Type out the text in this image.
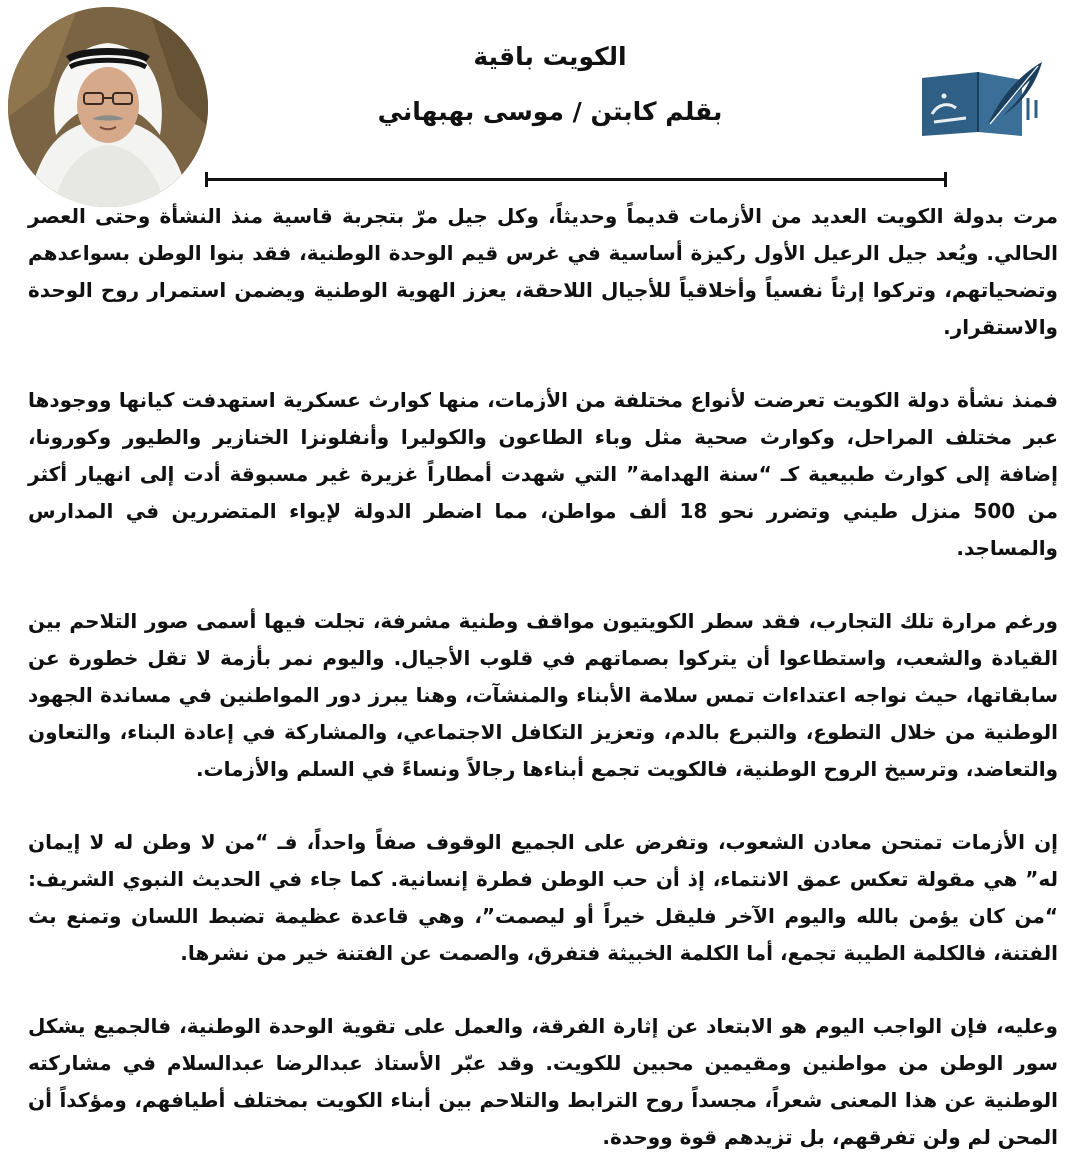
الكويت باقية
بقلم كابتن / موسى بهبهاني

مرت بدولة الكويت العديد من الأزمات قديماً وحديثاً، وكل جيل مرّ بتجربة قاسية منذ النشأة وحتى العصر الحالي. ويُعد جيل الرعيل الأول ركيزة أساسية في غرس قيم الوحدة الوطنية، فقد بنوا الوطن بسواعدهم وتضحياتهم، وتركوا إرثاً نفسياً وأخلاقياً للأجيال اللاحقة، يعزز الهوية الوطنية ويضمن استمرار روح الوحدة والاستقرار.

فمنذ نشأة دولة الكويت تعرضت لأنواع مختلفة من الأزمات، منها كوارث عسكرية استهدفت كيانها ووجودها عبر مختلف المراحل، وكوارث صحية مثل وباء الطاعون والكوليرا وأنفلونزا الخنازير والطيور وكورونا، إضافة إلى كوارث طبيعية كـ “سنة الهدامة” التي شهدت أمطاراً غزيرة غير مسبوقة أدت إلى انهيار أكثر من 500 منزل طيني وتضرر نحو 18 ألف مواطن، مما اضطر الدولة لإيواء المتضررين في المدارس والمساجد.

ورغم مرارة تلك التجارب، فقد سطر الكويتيون مواقف وطنية مشرفة، تجلت فيها أسمى صور التلاحم بين القيادة والشعب، واستطاعوا أن يتركوا بصماتهم في قلوب الأجيال. واليوم نمر بأزمة لا تقل خطورة عن سابقاتها، حيث نواجه اعتداءات تمس سلامة الأبناء والمنشآت، وهنا يبرز دور المواطنين في مساندة الجهود الوطنية من خلال التطوع، والتبرع بالدم، وتعزيز التكافل الاجتماعي، والمشاركة في إعادة البناء، والتعاون والتعاضد، وترسيخ الروح الوطنية، فالكويت تجمع أبناءها رجالاً ونساءً في السلم والأزمات.

إن الأزمات تمتحن معادن الشعوب، وتفرض على الجميع الوقوف صفاً واحداً، فـ “من لا وطن له لا إيمان له” هي مقولة تعكس عمق الانتماء، إذ أن حب الوطن فطرة إنسانية. كما جاء في الحديث النبوي الشريف: “من كان يؤمن بالله واليوم الآخر فليقل خيراً أو ليصمت”، وهي قاعدة عظيمة تضبط اللسان وتمنع بث الفتنة، فالكلمة الطيبة تجمع، أما الكلمة الخبيثة فتفرق، والصمت عن الفتنة خير من نشرها.

وعليه، فإن الواجب اليوم هو الابتعاد عن إثارة الفرقة، والعمل على تقوية الوحدة الوطنية، فالجميع يشكل سور الوطن من مواطنين ومقيمين محبين للكويت. وقد عبّر الأستاذ عبدالرضا عبدالسلام في مشاركته الوطنية عن هذا المعنى شعراً، مجسداً روح الترابط والتلاحم بين أبناء الكويت بمختلف أطيافهم، ومؤكداً أن المحن لم ولن تفرقهم، بل تزيدهم قوة ووحدة.
